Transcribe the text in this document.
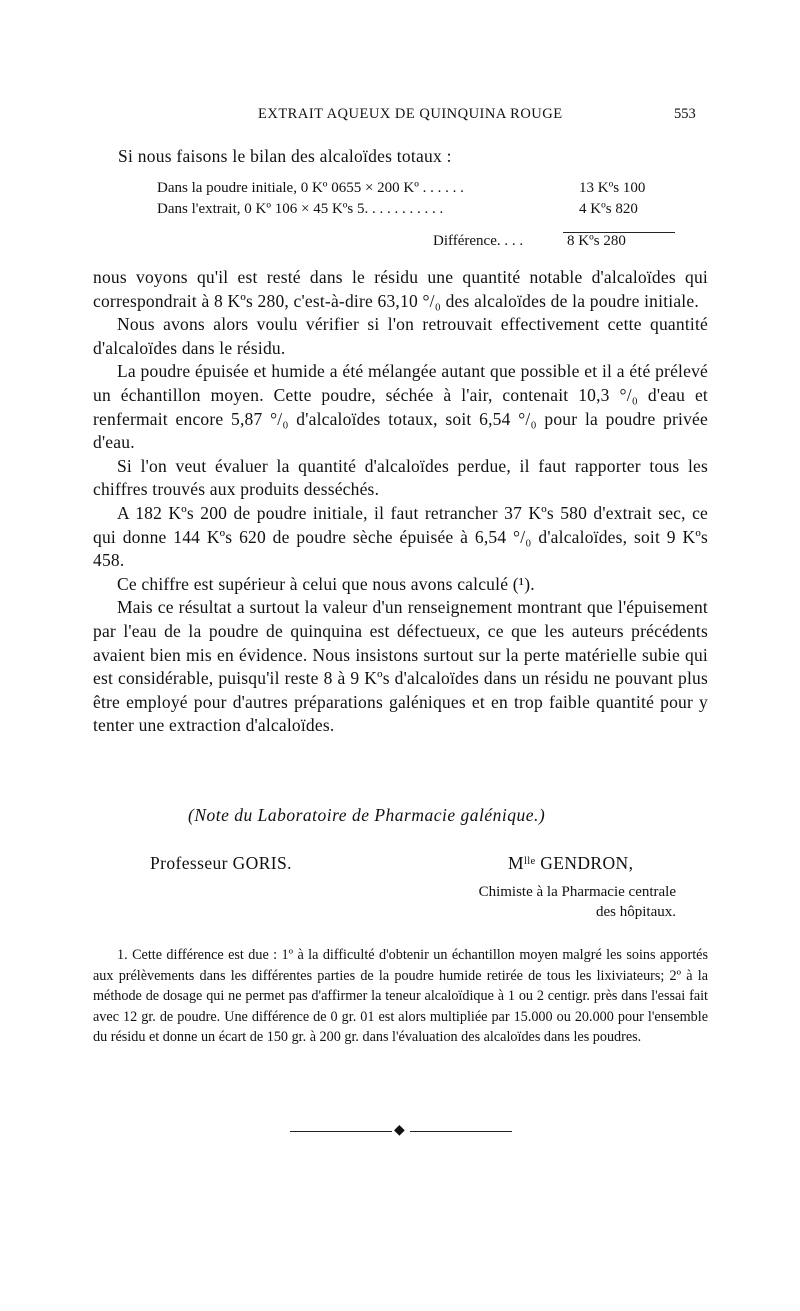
EXTRAIT AQUEUX DE QUINQUINA ROUGE	553
Si nous faisons le bilan des alcaloïdes totaux :
Dans la poudre initiale, 0 Kº 0655 × 200 Kº . . . . . .	13 Kºs 100
Dans l'extrait, 0 Kº 106 × 45 Kºs 5. . . . . . . . . . .	4 Kºs 820
Différence. . . .	8 Kºs 280

nous voyons qu'il est resté dans le résidu une quantité notable d'alcaloïdes qui correspondrait à 8 Kºs 280, c'est-à-dire 63,10 °/₀ des alcaloïdes de la poudre initiale.

Nous avons alors voulu vérifier si l'on retrouvait effectivement cette quantité d'alcaloïdes dans le résidu.

La poudre épuisée et humide a été mélangée autant que possible et il a été prélevé un échantillon moyen. Cette poudre, séchée à l'air, contenait 10,3 °/₀ d'eau et renfermait encore 5,87 °/₀ d'alcaloïdes totaux, soit 6,54 °/₀ pour la poudre privée d'eau.

Si l'on veut évaluer la quantité d'alcaloïdes perdue, il faut rapporter tous les chiffres trouvés aux produits desséchés.

A 182 Kºs 200 de poudre initiale, il faut retrancher 37 Kºs 580 d'extrait sec, ce qui donne 144 Kºs 620 de poudre sèche épuisée à 6,54 °/₀ d'alcaloïdes, soit 9 Kºs 458.

Ce chiffre est supérieur à celui que nous avons calculé (¹).

Mais ce résultat a surtout la valeur d'un renseignement montrant que l'épuisement par l'eau de la poudre de quinquina est défectueux, ce que les auteurs précédents avaient bien mis en évidence. Nous insistons surtout sur la perte matérielle subie qui est considérable, puisqu'il reste 8 à 9 Kºs d'alcaloïdes dans un résidu ne pouvant plus être employé pour d'autres préparations galéniques et en trop faible quantité pour y tenter une extraction d'alcaloïdes.

(Note du Laboratoire de Pharmacie galénique.)
Professeur GORIS.	Mˡˡᵉ GENDRON,
Chimiste à la Pharmacie centrale
des hôpitaux.

1. Cette différence est due : 1º à la difficulté d'obtenir un échantillon moyen malgré les soins apportés aux prélèvements dans les différentes parties de la poudre humide retirée de tous les lixiviateurs; 2º à la méthode de dosage qui ne permet pas d'affirmer la teneur alcaloïdique à 1 ou 2 centigr. près dans l'essai fait avec 12 gr. de poudre. Une différence de 0 gr. 01 est alors multipliée par 15.000 ou 20.000 pour l'ensemble du résidu et donne un écart de 150 gr. à 200 gr. dans l'évaluation des alcaloïdes dans les poudres.

◆
